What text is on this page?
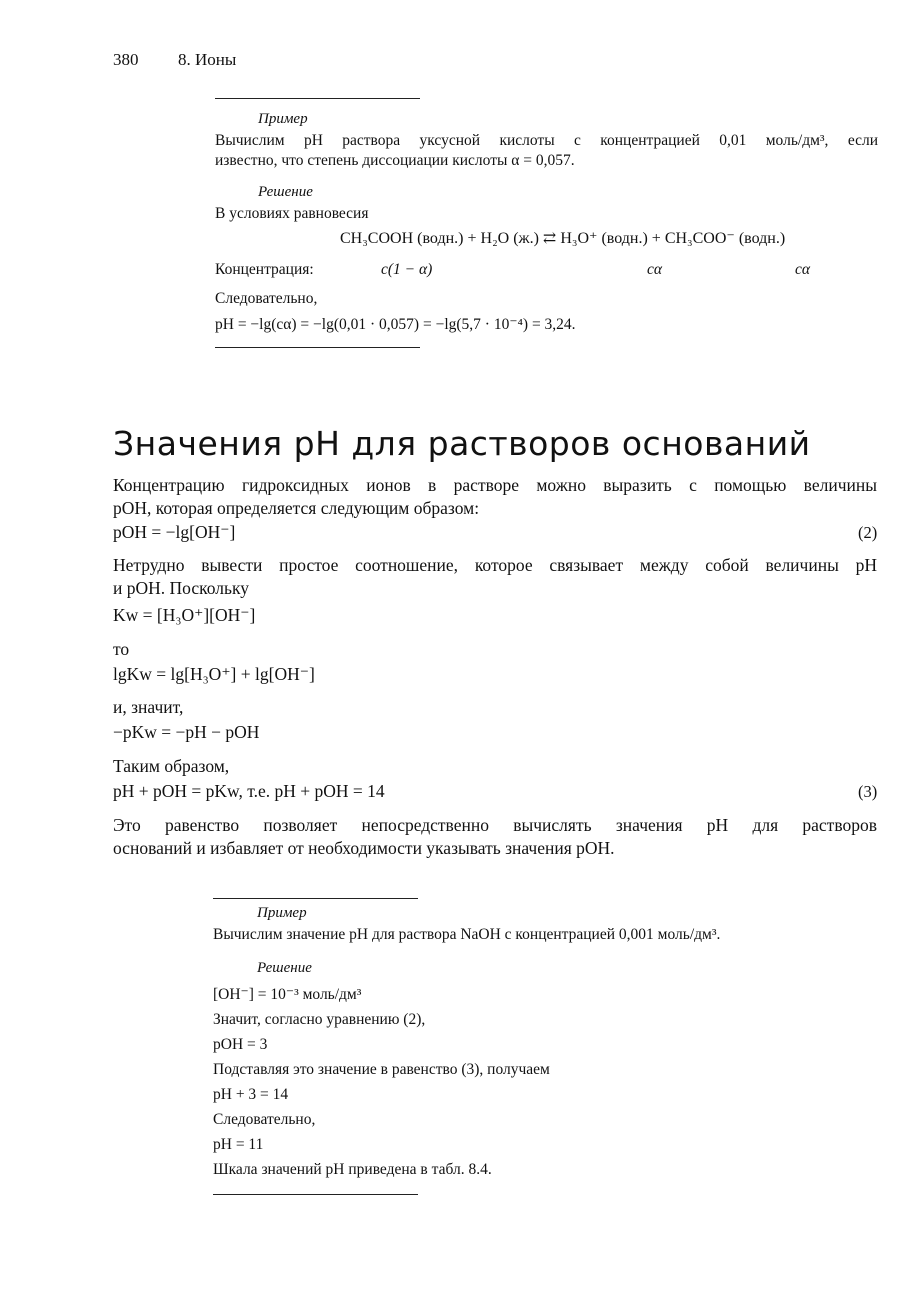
380 8. Ионы
Пример
Вычислим pH раствора уксусной кислоты с концентрацией 0,01 моль/дм³, если
известно, что степень диссоциации кислоты α = 0,057.
Решение
В условиях равновесия
CH₃COOH (водн.) + H₂O (ж.) ⇄ H₃O⁺ (водн.) + CH₃COO⁻ (водн.)
Концентрация:	c(1 − α)	cα	cα
Следовательно,
pH = −lg(cα) = −lg(0,01 · 0,057) = −lg(5,7 · 10⁻⁴) = 3,24.
Значения pH для растворов оснований
Концентрацию гидроксидных ионов в растворе можно выразить с помощью величины
pOH, которая определяется следующим образом:
pOH = −lg[OH⁻]	(2)
Нетрудно вывести простое соотношение, которое связывает между собой величины pH
и pOH. Поскольку
Kw = [H₃O⁺][OH⁻]
то
lgKw = lg[H₃O⁺] + lg[OH⁻]
и, значит,
−pKw = −pH − pOH
Таким образом,
pH + pOH = pKw, т.е. pH + pOH = 14	(3)
Это равенство позволяет непосредственно вычислять значения pH для растворов
оснований и избавляет от необходимости указывать значения pOH.
Пример
Вычислим значение pH для раствора NaOH с концентрацией 0,001 моль/дм³.
Решение
[OH⁻] = 10⁻³ моль/дм³
Значит, согласно уравнению (2),
pOH = 3
Подставляя это значение в равенство (3), получаем
pH + 3 = 14
Следовательно,
pH = 11
Шкала значений pH приведена в табл. 8.4.
